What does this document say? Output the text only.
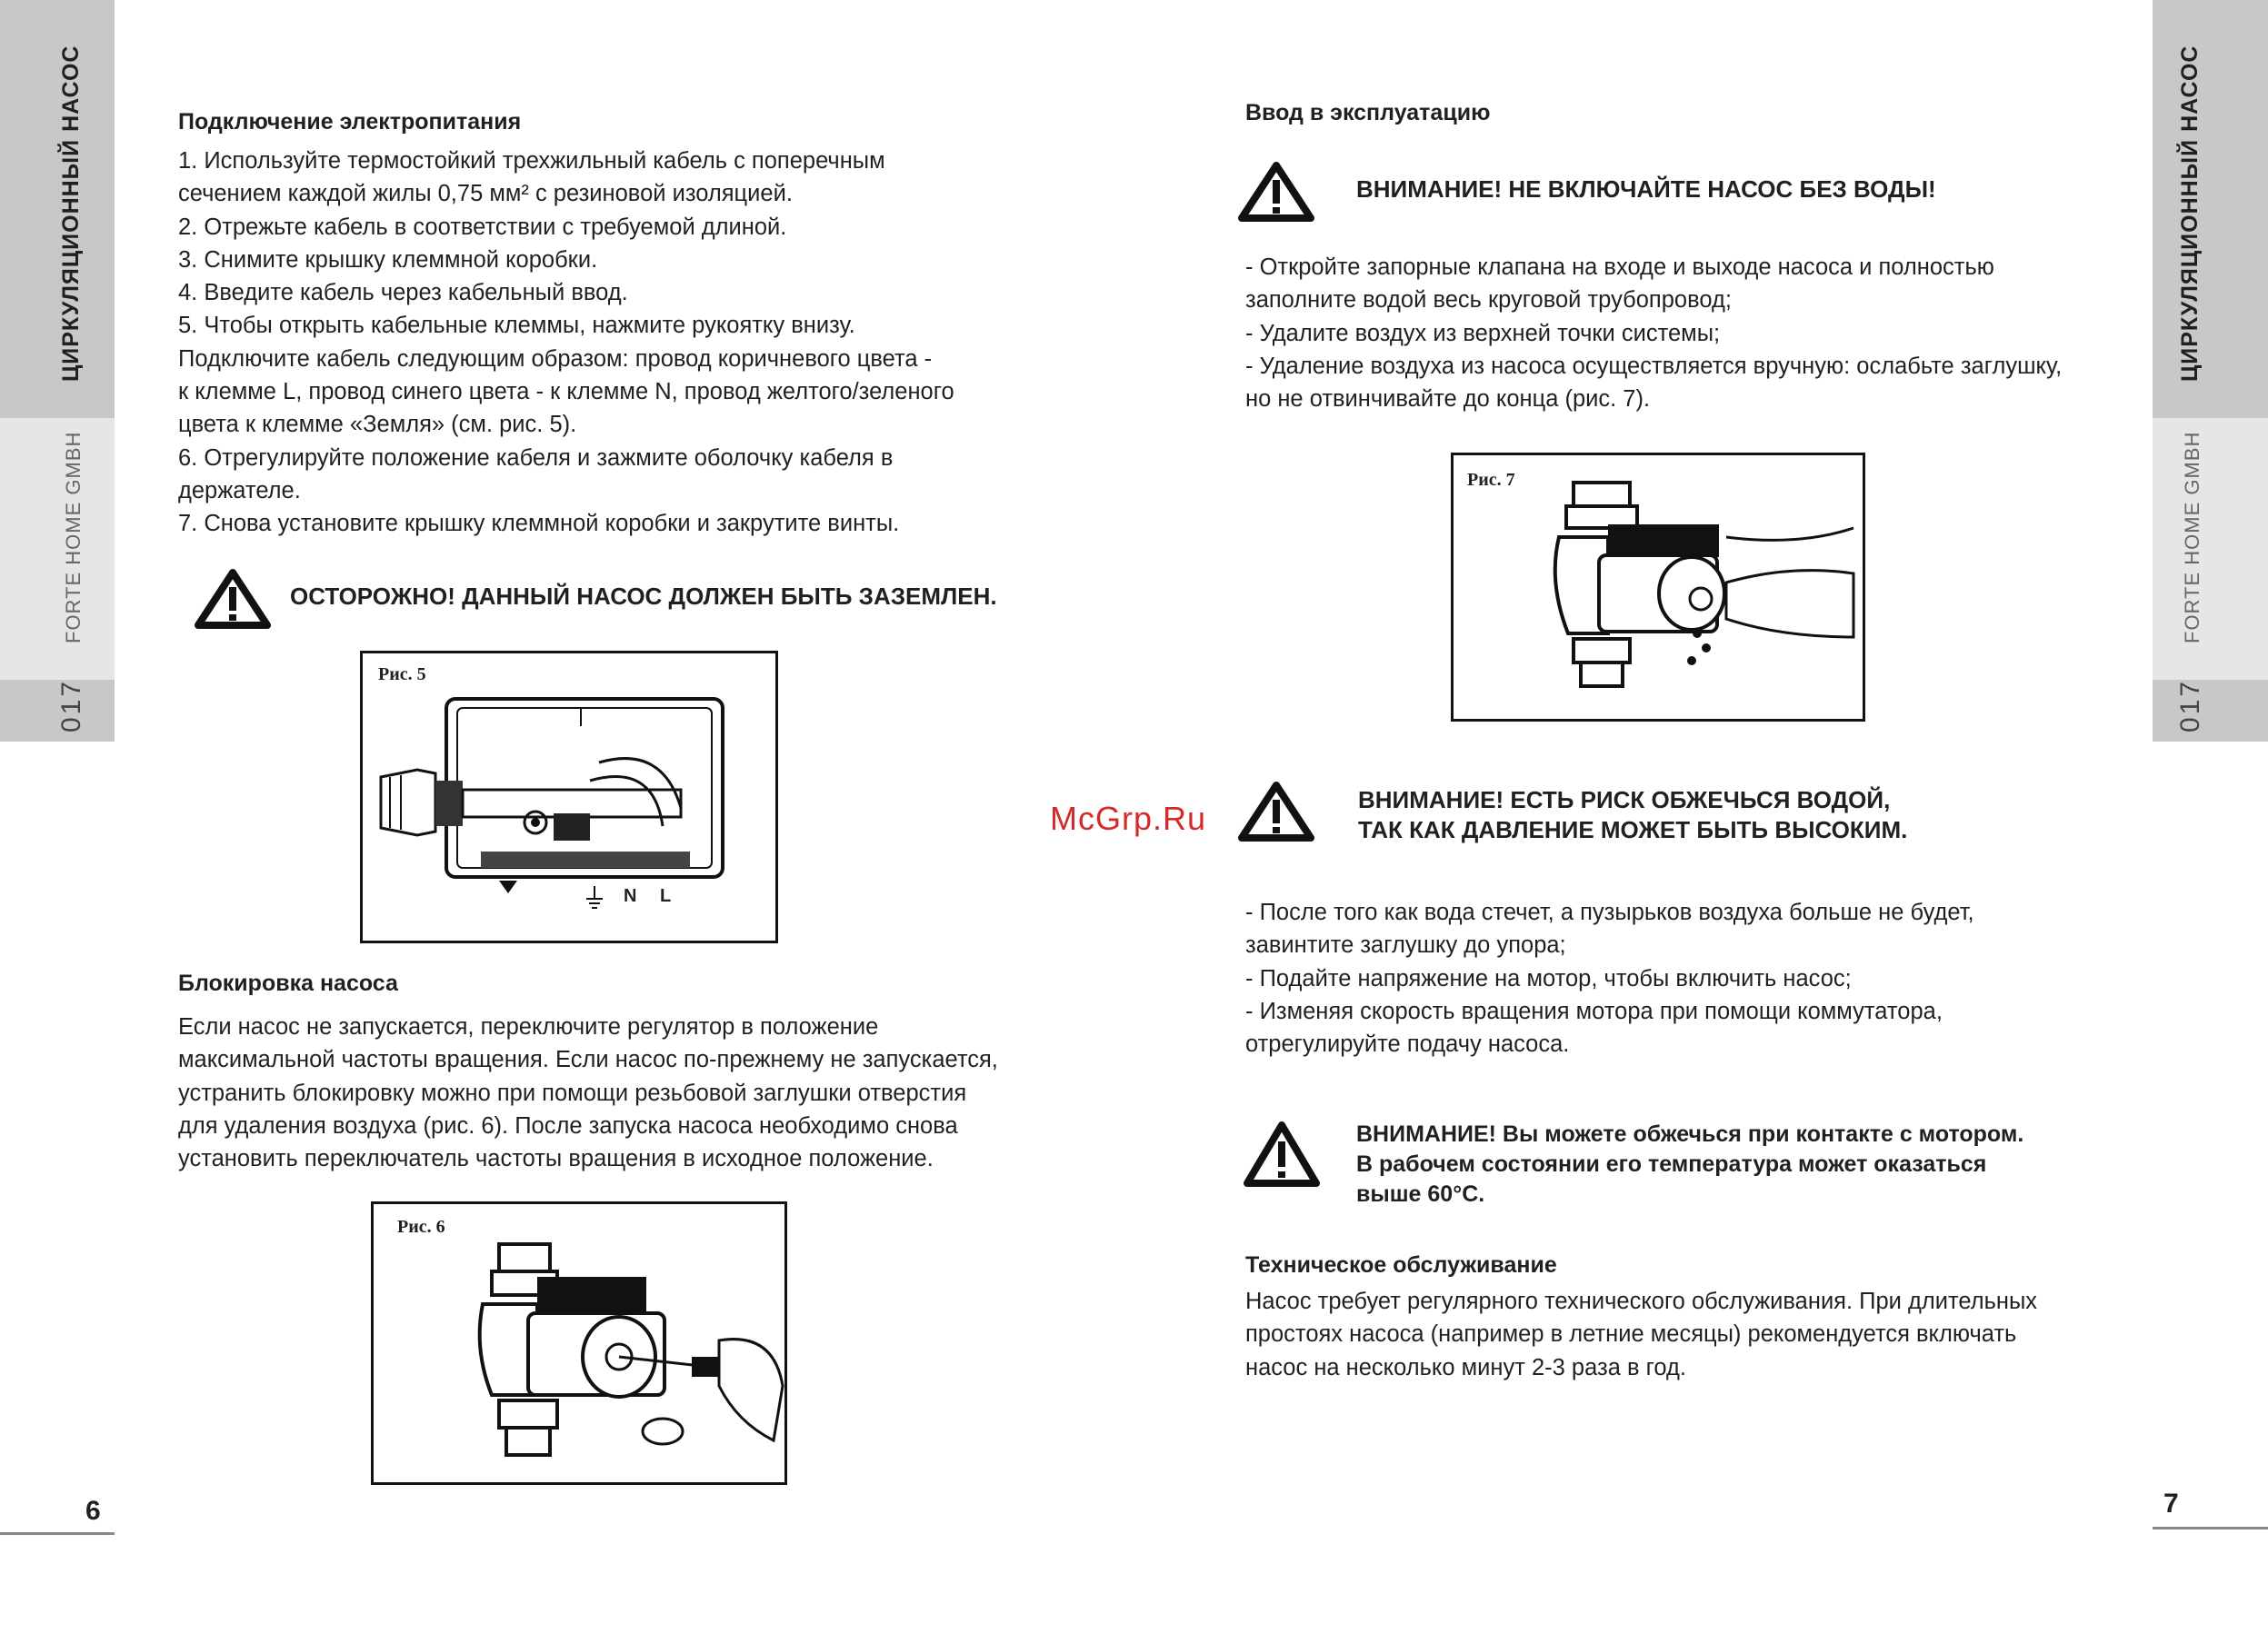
ЦИРКУЛЯЦИОННЫЙ НАСОС
FORTE HOME GMBH
017
ЦИРКУЛЯЦИОННЫЙ НАСОС
FORTE HOME GMBH
017
Подключение электропитания
1. Используйте термостойкий трехжильный кабель с поперечным
сечением каждой жилы 0,75 мм² с резиновой изоляцией.
2. Отрежьте кабель в соответствии с требуемой длиной.
3. Снимите крышку клеммной коробки.
4. Введите кабель через кабельный ввод.
5. Чтобы открыть кабельные клеммы, нажмите рукоятку внизу.
Подключите кабель следующим образом: провод коричневого цвета -
к клемме L, провод синего цвета - к клемме N, провод желтого/зеленого
цвета к клемме «Земля» (см. рис. 5).
6. Отрегулируйте положение кабеля и зажмите оболочку кабеля в
держателе.
7. Снова установите крышку клеммной коробки и закрутите винты.
ОСТОРОЖНО! ДАННЫЙ НАСОС ДОЛЖЕН БЫТЬ ЗАЗЕМЛЕН.
Рис. 5
N L
Блокировка насоса
Если насос не запускается, переключите регулятор в положение
максимальной частоты вращения. Если насос по-прежнему не запускается,
устранить блокировку можно при помощи резьбовой заглушки отверстия
для удаления воздуха (рис. 6). После запуска насоса необходимо снова
установить переключатель частоты вращения в исходное положение.
Рис. 6
6
Ввод в эксплуатацию
ВНИМАНИЕ! НЕ ВКЛЮЧАЙТЕ НАСОС БЕЗ ВОДЫ!
- Откройте запорные клапана на входе и выходе насоса и полностью
заполните водой весь круговой трубопровод;
- Удалите воздух из верхней точки системы;
- Удаление воздуха из насоса осуществляется вручную: ослабьте заглушку,
но не отвинчивайте до конца (рис. 7).
Рис. 7
McGrp.Ru	ВНИМАНИЕ! ЕСТЬ РИСК ОБЖЕЧЬСЯ ВОДОЙ,
ТАК КАК ДАВЛЕНИЕ МОЖЕТ БЫТЬ ВЫСОКИМ.
- После того как вода стечет, а пузырьков воздуха больше не будет,
завинтите заглушку до упора;
- Подайте напряжение на мотор, чтобы включить насос;
- Изменяя скорость вращения мотора при помощи коммутатора,
отрегулируйте подачу насоса.
ВНИМАНИЕ! Вы можете обжечься при контакте с мотором.
В рабочем состоянии его температура может оказаться
выше 60°С.
Техническое обслуживание
Насос требует регулярного технического обслуживания. При длительных
простоях насоса (например в летние месяцы) рекомендуется включать
насос на несколько минут 2-3 раза в год.
7
